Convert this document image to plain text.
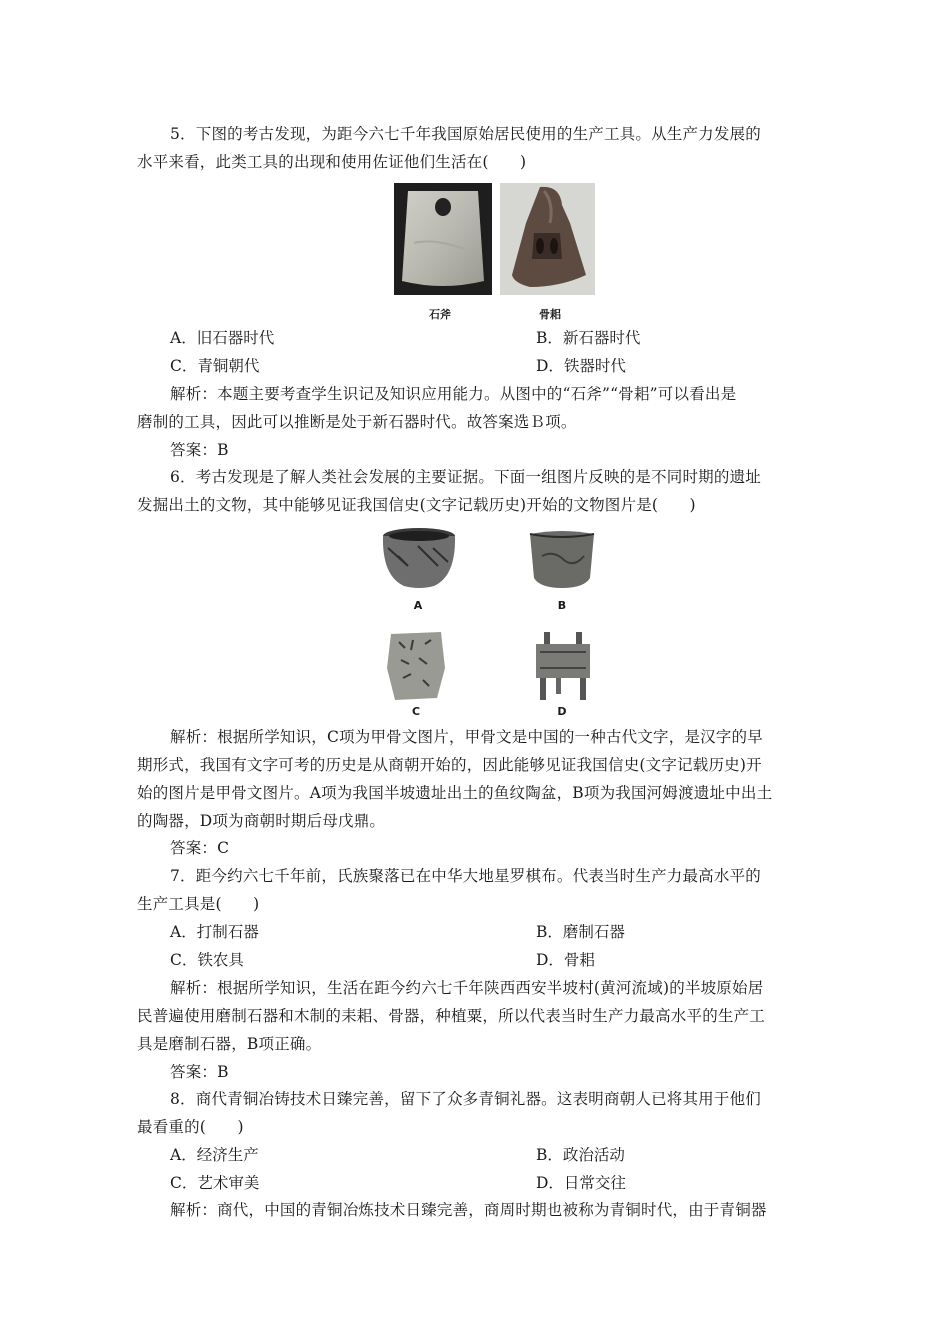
5．下图的考古发现，为距今六七千年我国原始居民使用的生产工具。从生产力发展的
水平来看，此类工具的出现和使用佐证他们生活在(　　)
石斧	骨耜
A．旧石器时代	B．新石器时代
C．青铜朝代	D．铁器时代
解析：本题主要考查学生识记及知识应用能力。从图中的“石斧”“骨耜”可以看出是
磨制的工具，因此可以推断是处于新石器时代。故答案选Ｂ项。
答案：B
6．考古发现是了解人类社会发展的主要证据。下面一组图片反映的是不同时期的遗址
发掘出土的文物，其中能够见证我国信史(文字记载历史)开始的文物图片是(　　)
A	B
C	D
解析：根据所学知识，C项为甲骨文图片，甲骨文是中国的一种古代文字，是汉字的早
期形式，我国有文字可考的历史是从商朝开始的，因此能够见证我国信史(文字记载历史)开
始的图片是甲骨文图片。A项为我国半坡遗址出土的鱼纹陶盆，B项为我国河姆渡遗址中出土
的陶器，D项为商朝时期后母戊鼎。
答案：C
7．距今约六七千年前，氏族聚落已在中华大地星罗棋布。代表当时生产力最高水平的
生产工具是(　　)
A．打制石器	B．磨制石器
C．铁农具	D．骨耜
解析：根据所学知识，生活在距今约六七千年陕西西安半坡村(黄河流域)的半坡原始居
民普遍使用磨制石器和木制的耒耜、骨器，种植粟，所以代表当时生产力最高水平的生产工
具是磨制石器，B项正确。
答案：B
8．商代青铜冶铸技术日臻完善，留下了众多青铜礼器。这表明商朝人已将其用于他们
最看重的(　　)
A．经济生产	B．政治活动
C．艺术审美	D．日常交往
解析：商代，中国的青铜冶炼技术日臻完善，商周时期也被称为青铜时代，由于青铜器
